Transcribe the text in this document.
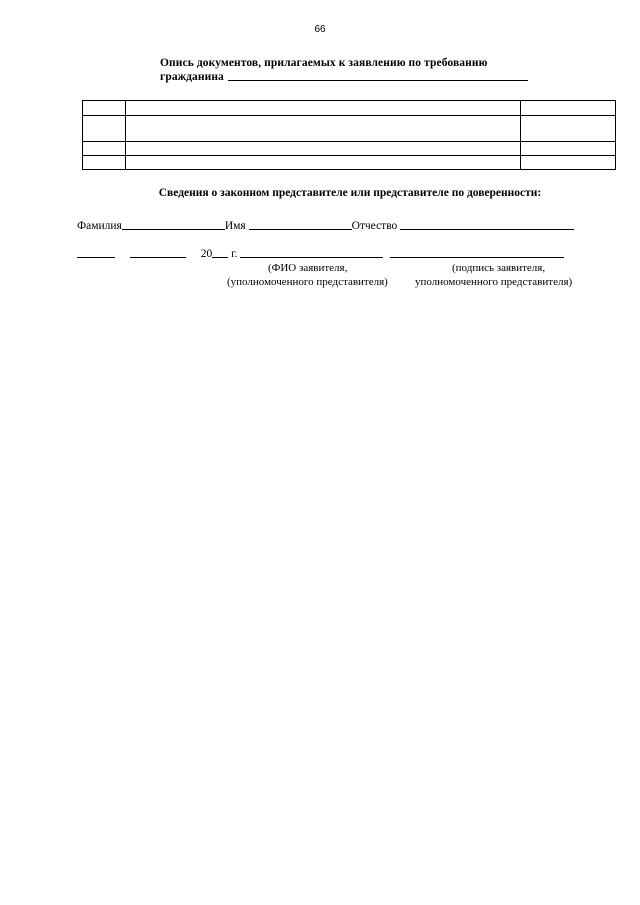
66
Опись документов, прилагаемых к заявлению по требованию
гражданина

Сведения о законном представителе или представителе по доверенности:
Фамилия	Имя	Отчество
20 г.
(ФИО заявителя,	(подпись заявителя,
(уполномоченного представителя) уполномоченного представителя)
